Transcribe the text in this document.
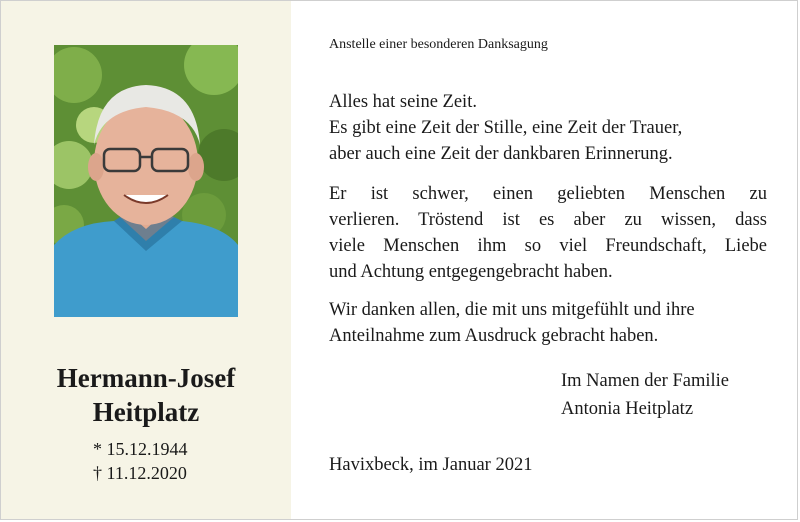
Hermann-Josef
Heitplatz
* 15.12.1944
† 11.12.2020
Anstelle einer besonderen Danksagung
Alles hat seine Zeit.
Es gibt eine Zeit der Stille, eine Zeit der Trauer,
aber auch eine Zeit der dankbaren Erinnerung.
Er ist schwer, einen geliebten Menschen zu
verlieren. Tröstend ist es aber zu wissen, dass
viele Menschen ihm so viel Freundschaft, Liebe
und Achtung entgegengebracht haben.
Wir danken allen, die mit uns mitgefühlt und ihre
Anteilnahme zum Ausdruck gebracht haben.
Im Namen der Familie
Antonia Heitplatz
Havixbeck, im Januar 2021
